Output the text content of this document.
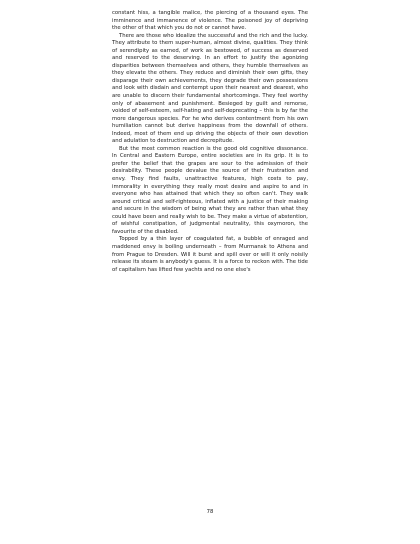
constant hiss, a tangible malice, the piercing of a thousand eyes. The imminence and immanence of violence. The poisoned joy of depriving the other of that which you do not or cannot have.

There are those who idealize the successful and the rich and the lucky. They attribute to them super-human, almost divine, qualities. They think of serendipity as earned, of work as bestowed, of success as deserved and reserved to the deserving. In an effort to justify the agonizing disparities between themselves and others, they humble themselves as they elevate the others. They reduce and diminish their own gifts, they disparage their own achievements, they degrade their own possessions and look with disdain and contempt upon their nearest and dearest, who are unable to discern their fundamental shortcomings. They feel worthy only of abasement and punishment. Besieged by guilt and remorse, voided of self-esteem, self-hating and self-deprecating – this is by far the more dangerous species. For he who derives contentment from his own humiliation cannot but derive happiness from the downfall of others. Indeed, most of them end up driving the objects of their own devotion and adulation to destruction and decrepitude.

But the most common reaction is the good old cognitive dissonance. In Central and Eastern Europe, entire societies are in its grip. It is to prefer the belief that the grapes are sour to the admission of their desirability. These people devalue the source of their frustration and envy. They find faults, unattractive features, high costs to pay, immorality in everything they really most desire and aspire to and in everyone who has attained that which they so often can't. They walk around critical and self-righteous, inflated with a justice of their making and secure in the wisdom of being what they are rather than what they could have been and really wish to be. They make a virtue of abstention, of wishful constipation, of judgmental neutrality, this oxymoron, the favourite of the disabled.

Topped by a thin layer of coagulated fat, a bubble of enraged and maddened envy is boiling underneath – from Murmansk to Athens and from Prague to Dresden. Will it burst and spill over or will it only noisily release its steam is anybody's guess. It is a force to reckon with. The tide of capitalism has lifted few yachts and no one else's

78
